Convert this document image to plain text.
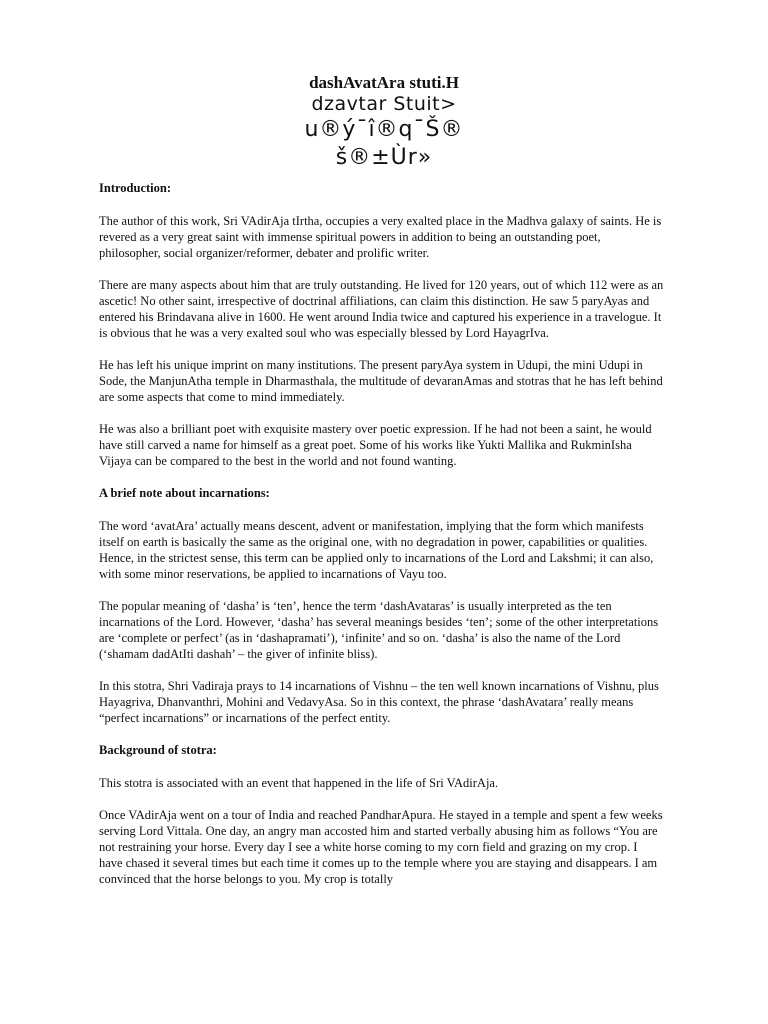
dashAvatAra stuti.H
dzavtar Stuit>
u®ý¯î®q¯Š®
š®±Ùr»
Introduction:

The author of this work, Sri VAdirAja tIrtha, occupies a very exalted place in the Madhva galaxy of saints. He is revered as a very great saint with immense spiritual powers in addition to being an outstanding poet, philosopher, social organizer/reformer, debater and prolific writer.

There are many aspects about him that are truly outstanding. He lived for 120 years, out of which 112 were as an ascetic! No other saint, irrespective of doctrinal affiliations, can claim this distinction. He saw 5 paryAyas and entered his Brindavana alive in 1600. He went around India twice and captured his experience in a travelogue. It is obvious that he was a very exalted soul who was especially blessed by Lord HayagrIva.

He has left his unique imprint on many institutions. The present paryAya system in Udupi, the mini Udupi in Sode, the ManjunAtha temple in Dharmasthala, the multitude of devaranAmas and stotras that he has left behind are some aspects that come to mind immediately.

He was also a brilliant poet with exquisite mastery over poetic expression. If he had not been a saint, he would have still carved a name for himself as a great poet. Some of his works like Yukti Mallika and RukminIsha Vijaya can be compared to the best in the world and not found wanting.

A brief note about incarnations:

The word ‘avatAra’ actually means descent, advent or manifestation, implying that the form which manifests itself on earth is basically the same as the original one, with no degradation in power, capabilities or qualities. Hence, in the strictest sense, this term can be applied only to incarnations of the Lord and Lakshmi; it can also, with some minor reservations, be applied to incarnations of Vayu too.

The popular meaning of ‘dasha’ is ‘ten’, hence the term ‘dashAvataras’ is usually interpreted as the ten incarnations of the Lord. However, ‘dasha’ has several meanings besides ‘ten’; some of the other interpretations are ‘complete or perfect’ (as in ‘dashapramati’), ‘infinite’ and so on. ‘dasha’ is also the name of the Lord (‘shamam dadAtIti dashah’ – the giver of infinite bliss).

In this stotra, Shri Vadiraja prays to 14 incarnations of Vishnu – the ten well known incarnations of Vishnu, plus Hayagriva, Dhanvanthri, Mohini and VedavyAsa. So in this context, the phrase ‘dashAvatara’ really means “perfect incarnations” or incarnations of the perfect entity.

Background of stotra:

This stotra is associated with an event that happened in the life of Sri VAdirAja.

Once VAdirAja went on a tour of India and reached PandharApura. He stayed in a temple and spent a few weeks serving Lord Vittala. One day, an angry man accosted him and started verbally abusing him as follows “You are not restraining your horse. Every day I see a white horse coming to my corn field and grazing on my crop. I have chased it several times but each time it comes up to the temple where you are staying and disappears. I am convinced that the horse belongs to you. My crop is totally
